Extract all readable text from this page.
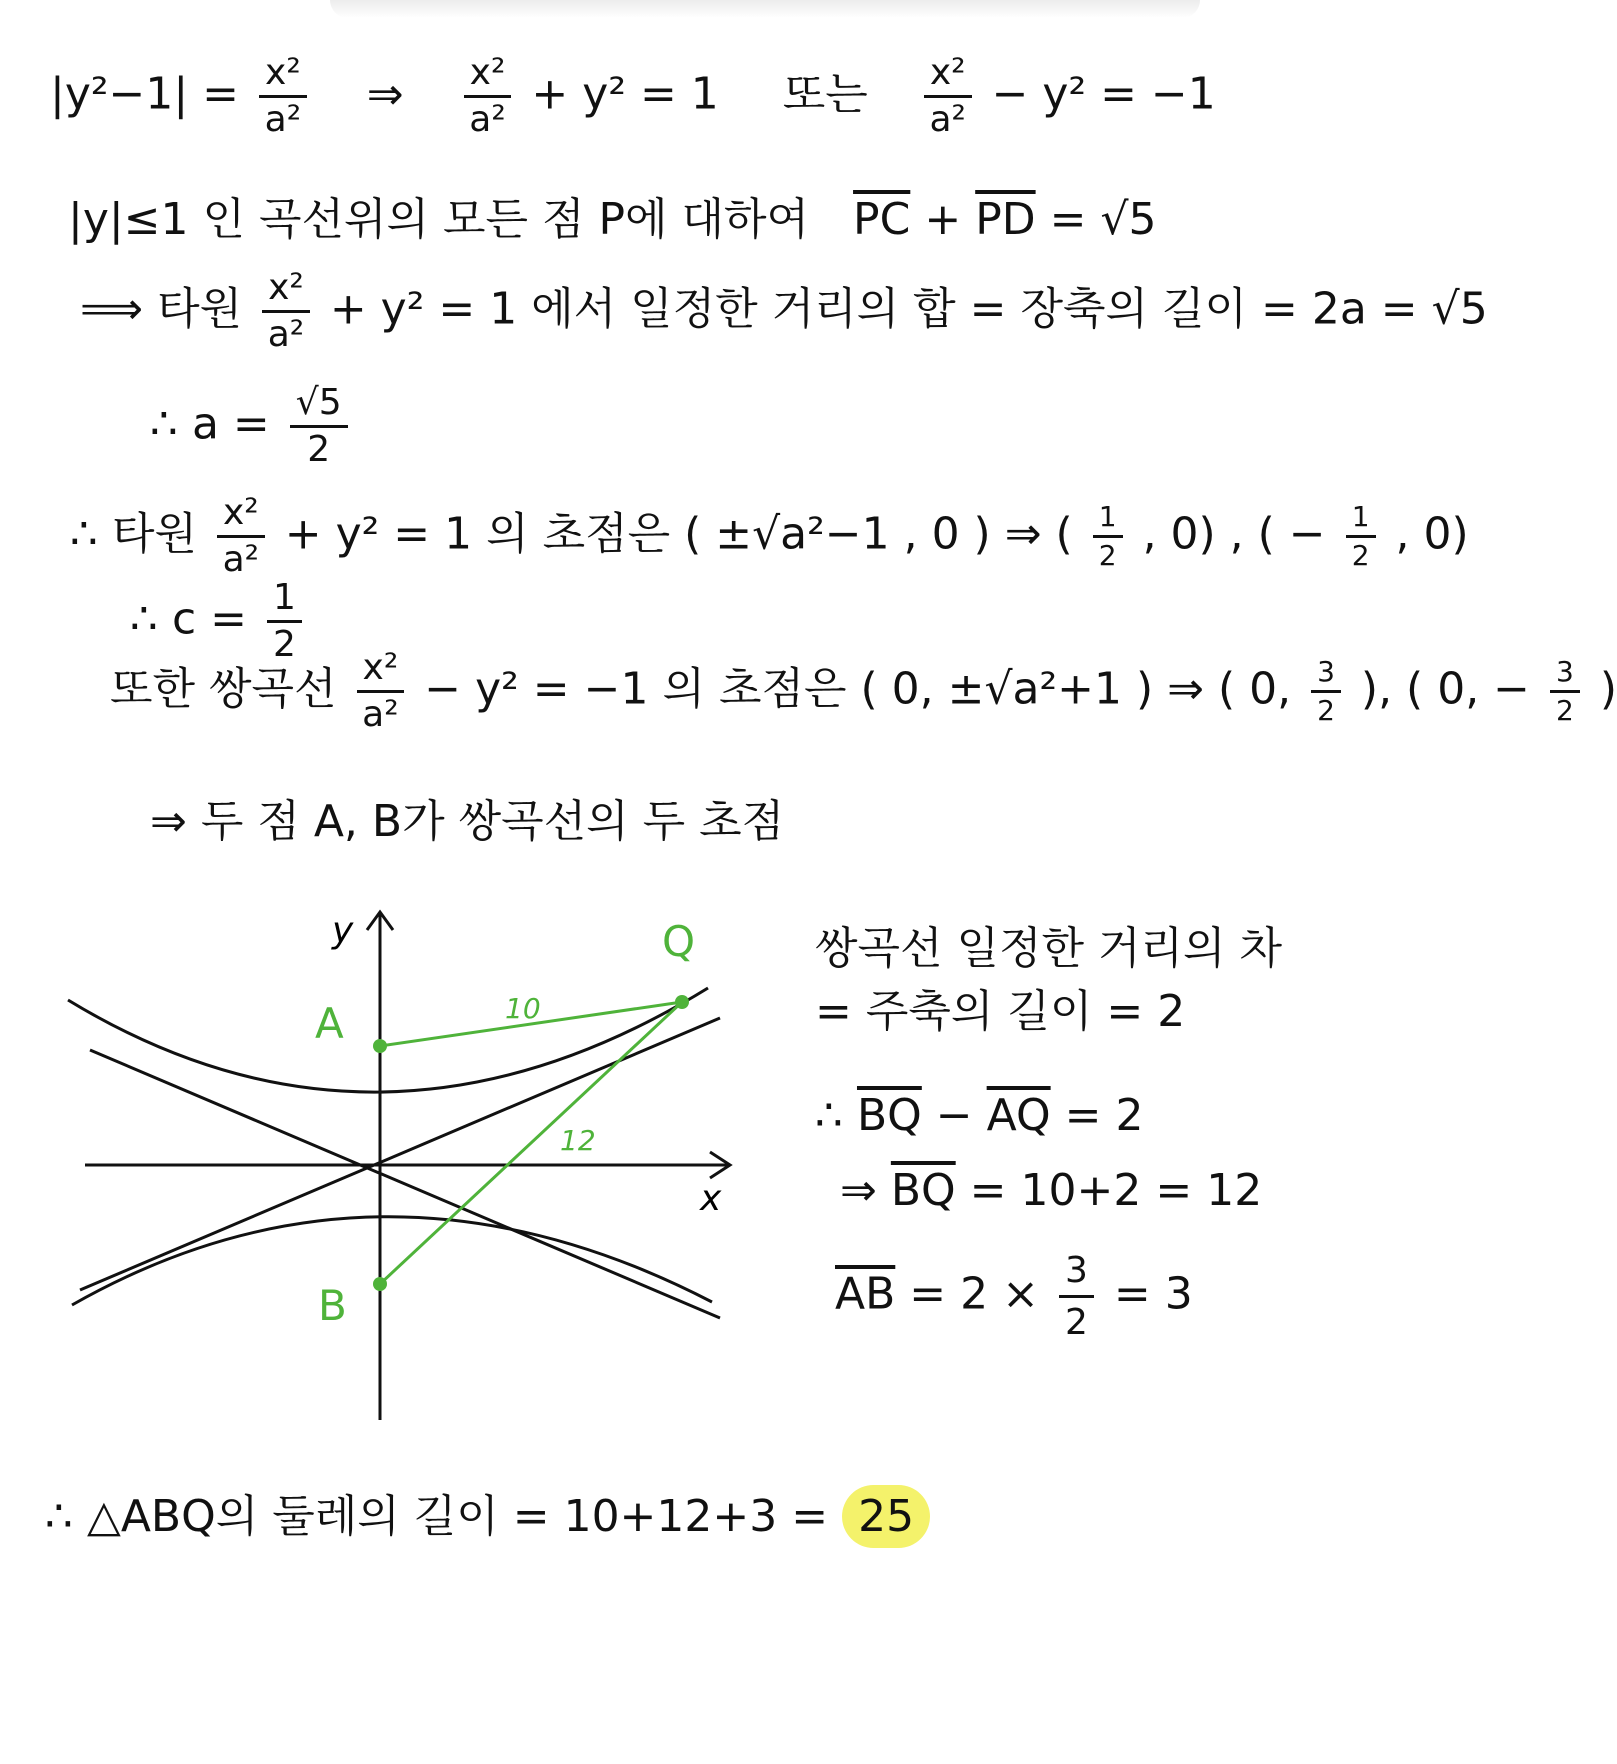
$|y^2-1| = \frac{\text{x²}}{\text{a²}}$ ⇒ $\frac{\text{x²}}{\text{a²}} + y^2 = 1$ 또는 $\frac{\text{x²}}{\text{a²}} - y^2 = -1$
|y|≤1 인 곡선위의 모든 점 P에 대하여 $\overline{PC} + \overline{PD} = √5$
⟹ 타원 $\frac{\text{x²}}{\text{a²}} + y^2 = 1$ 에서 일정한 거리의 합 = 장축의 길이 = 2a = √5
∴ $a = \frac{√5}{2}$
∴ 타원 $\frac{\text{x²}}{\text{a²}} + y^2 = 1$ 의 초점은 ( ±√a²−1 , 0 ) ⇒ ( $\frac{1}{2}$ , 0) , ( − $\frac{1}{2}$ , 0)
∴ $c = \frac{1}{2}$
또한 쌍곡선 $\frac{\text{x²}}{\text{a²}} - y^2 = -1$ 의 초점은 ( 0, ±√a²+1 ) ⇒ ( 0, $\frac{3}{2}$ ), ( 0, − $\frac{3}{2}$ )
⇒ 두 점 A, B가 쌍곡선의 두 초점
y
x
A
B
Q
10
12
쌍곡선 일정한 거리의 차
= 주축의 길이 = 2
∴ $\overline{BQ} - \overline{AQ} = 2$
⇒ $\overline{BQ} = 10+2 = 12$
$\overline{AB} = 2 \times \frac{3}{2} = 3$
∴ △ABQ의 둘레의 길이 = 10+12+3 = 25
